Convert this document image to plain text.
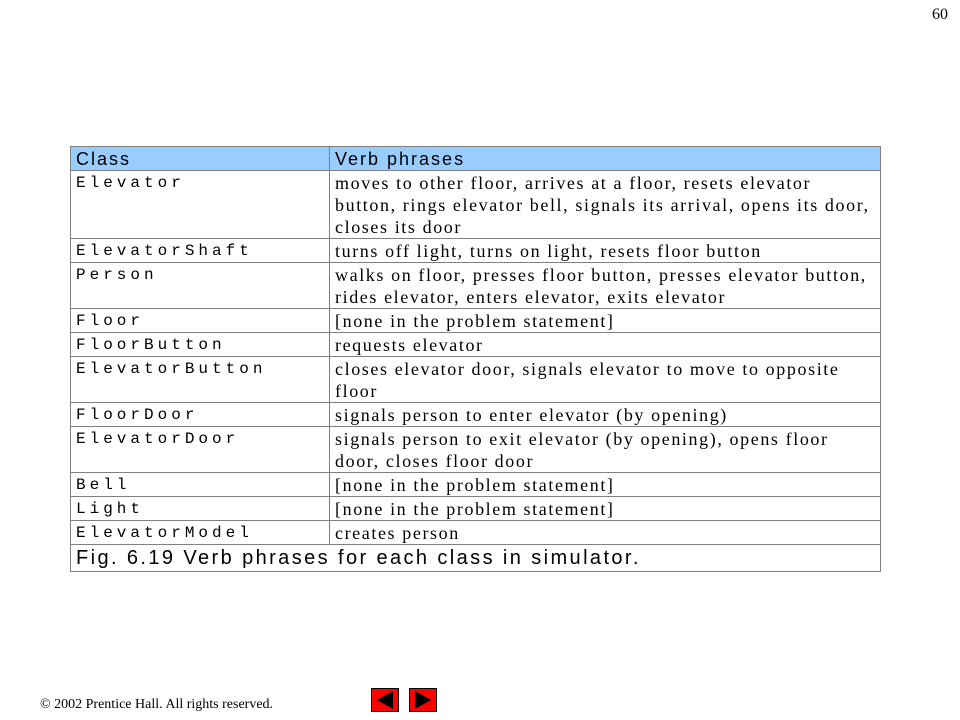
60
Class	Verb phrases
Elevator	moves to other floor, arrives at a floor, resets elevator button, rings elevator bell, signals its arrival, opens its door, closes its door
ElevatorShaft	turns off light, turns on light, resets floor button
Person	walks on floor, presses floor button, presses elevator button, rides elevator, enters elevator, exits elevator
Floor	[none in the problem statement]
FloorButton	requests elevator
ElevatorButton	closes elevator door, signals elevator to move to opposite floor
FloorDoor	signals person to enter elevator (by opening)
ElevatorDoor	signals person to exit elevator (by opening), opens floor door, closes floor door
Bell	[none in the problem statement]
Light	[none in the problem statement]
ElevatorModel	creates person
Fig. 6.19 Verb phrases for each class in simulator.	
© 2002 Prentice Hall. All rights reserved.
